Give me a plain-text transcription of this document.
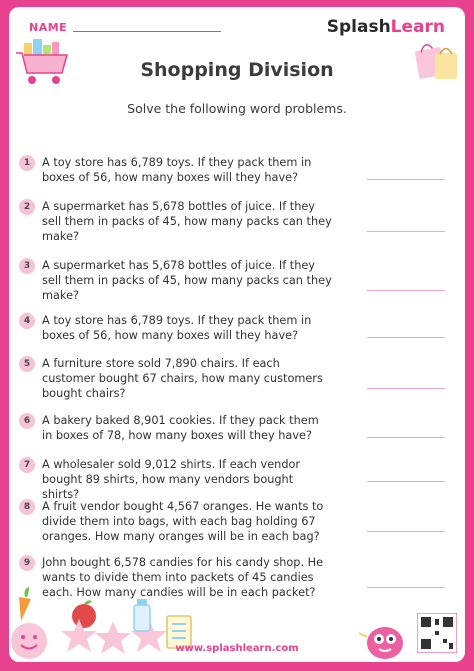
NAME	SplashLearn
Shopping Division
Solve the following word problems.
1	A toy store has 6,789 toys. If they pack them in boxes of 56, how many boxes will they have?
2	A supermarket has 5,678 bottles of juice. If they sell them in packs of 45, how many packs can they make?
3	A supermarket has 5,678 bottles of juice. If they sell them in packs of 45, how many packs can they make?
4	A toy store has 6,789 toys. If they pack them in boxes of 56, how many boxes will they have?
5	A furniture store sold 7,890 chairs. If each customer bought 67 chairs, how many customers bought chairs?
6	A bakery baked 8,901 cookies. If they pack them in boxes of 78, how many boxes will they have?
7	A wholesaler sold 9,012 shirts. If each vendor bought 89 shirts, how many vendors bought shirts?
8	A fruit vendor bought 4,567 oranges. He wants to divide them into bags, with each bag holding 67 oranges. How many oranges will be in each bag?
9	John bought 6,578 candies for his candy shop. He wants to divide them into packets of 45 candies each. How many candies will be in each packet?
www.splashlearn.com
